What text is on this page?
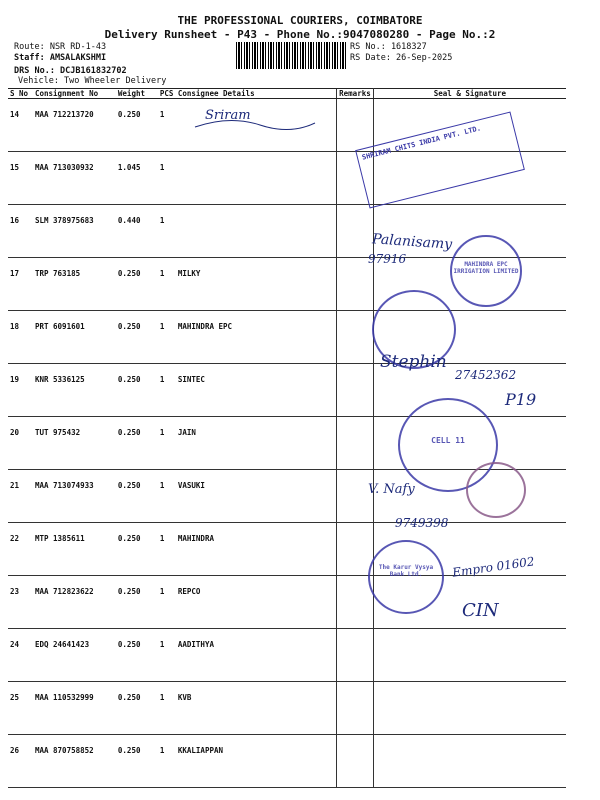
THE PROFESSIONAL COURIERS, COIMBATORE
Delivery Runsheet - P43 - Phone No.:9047080280 - Page No.:2
Route: NSR RD-1-43
Staff: AMSALAKSHMI
DRS No.: DCJB161832702
Vehicle: Two Wheeler Delivery
RS No.: 1618327
RS Date: 26-Sep-2025
S No	Consignment No	Weight	PCS	Consignee Details	Remarks	Seal & Signature
14	MAA 712213720	0.250	1			
15	MAA 713030932	1.045	1			
16	SLM 378975683	0.440	1			
17	TRP 763185	0.250	1	MILKY		
18	PRT 6091601	0.250	1	MAHINDRA EPC		
19	KNR 5336125	0.250	1	SINTEC		
20	TUT 975432	0.250	1	JAIN		
21	MAA 713074933	0.250	1	VASUKI		
22	MTP 1385611	0.250	1	MAHINDRA		
23	MAA 712823622	0.250	1	REPCO		
24	EDQ 24641423	0.250	1	AADITHYA		
25	MAA 110532999	0.250	1	KVB		
26	MAA 870758852	0.250	1	KKALIAPPAN		
Sriram
SHRIRAM CHITS INDIA PVT. LTD.
Palanisamy
97916	MAHINDRA EPC IRRIGATION LIMITED
Stephin
27452362
CELL 11
P19
V. Nafy
9749398
The Karur Vysya Bank Ltd.	Empro 01602
CIN
